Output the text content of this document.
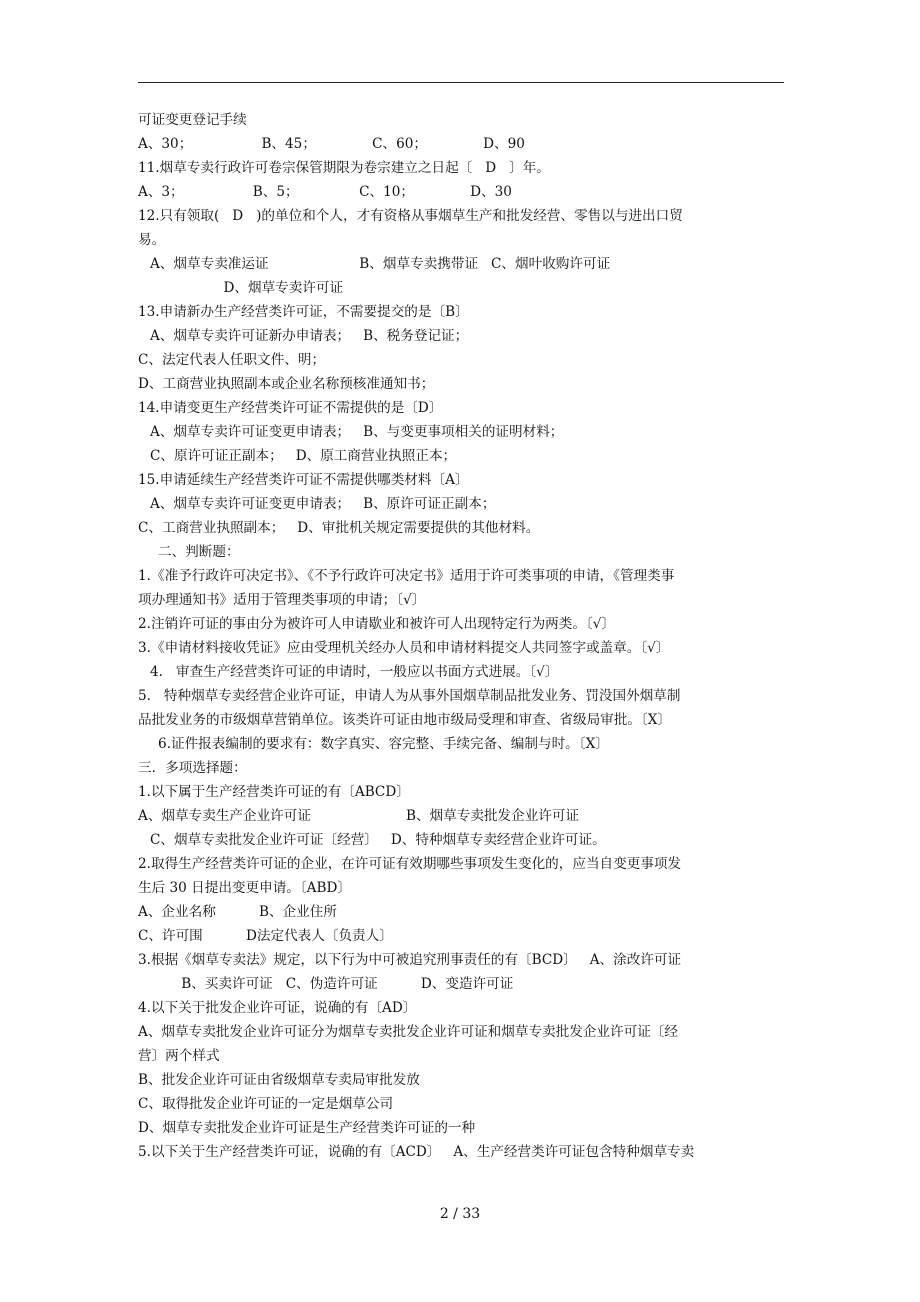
可证变更登记手续
A、30；                B、45；             C、60；             D、90
11.烟草专卖行政许可卷宗保管期限为卷宗建立之日起〔   D   〕年。
A、3；                B、5；              C、10；             D、30
12.只有领取(   D   )的单位和个人，才有资格从事烟草生产和批发经营、零售以与进出口贸
易。
A、烟草专卖准运证                     B、烟草专卖携带证   C、烟叶收购许可证
D、烟草专卖许可证
13.申请新办生产经营类许可证，不需要提交的是〔B〕
A、烟草专卖许可证新办申请表；   B、税务登记证；
C、法定代表人任职文件、明；
D、工商营业执照副本或企业名称预核准通知书；
14.申请变更生产经营类许可证不需提供的是〔D〕
A、烟草专卖许可证变更申请表；   B、与变更事项相关的证明材料；
C、原许可证正副本；   D、原工商营业执照正本；
15.申请延续生产经营类许可证不需提供哪类材料〔A〕
A、烟草专卖许可证变更申请表；   B、原许可证正副本；
C、工商营业执照副本；   D、审批机关规定需要提供的其他材料。
二、判断题：
1.《准予行政许可决定书》、《不予行政许可决定书》适用于许可类事项的申请，《管理类事
项办理通知书》适用于管理类事项的申请；〔√〕
2.注销许可证的事由分为被许可人申请歇业和被许可人出现特定行为两类。〔√〕
3.《申请材料接收凭证》应由受理机关经办人员和申请材料提交人共同签字或盖章。〔√〕
4.   审查生产经营类许可证的申请时，一般应以书面方式进展。〔√〕
5.   特种烟草专卖经营企业许可证，申请人为从事外国烟草制品批发业务、罚没国外烟草制
品批发业务的市级烟草营销单位。该类许可证由地市级局受理和审查、省级局审批。〔X〕
6.证件报表编制的要求有：数字真实、容完整、手续完备、编制与时。〔X〕
三．多项选择题：
1.以下属于生产经营类许可证的有〔ABCD〕
A、烟草专卖生产企业许可证                      B、烟草专卖批发企业许可证
C、烟草专卖批发企业许可证〔经营〕   D、特种烟草专卖经营企业许可证。
2.取得生产经营类许可证的企业，在许可证有效期哪些事项发生变化的，应当自变更事项发
生后 30 日提出变更申请。〔ABD〕
A、企业名称          B、企业住所
C、许可围          D法定代表人〔负责人〕
3.根据《烟草专卖法》规定，以下行为中可被追究刑事责任的有〔BCD〕   A、涂改许可证
B、买卖许可证   C、伪造许可证          D、变造许可证
4.以下关于批发企业许可证，说确的有〔AD〕
A、烟草专卖批发企业许可证分为烟草专卖批发企业许可证和烟草专卖批发企业许可证〔经
营〕两个样式
B、批发企业许可证由省级烟草专卖局审批发放
C、取得批发企业许可证的一定是烟草公司
D、烟草专卖批发企业许可证是生产经营类许可证的一种
5.以下关于生产经营类许可证，说确的有〔ACD〕   A、生产经营类许可证包含特种烟草专卖
2 / 33
